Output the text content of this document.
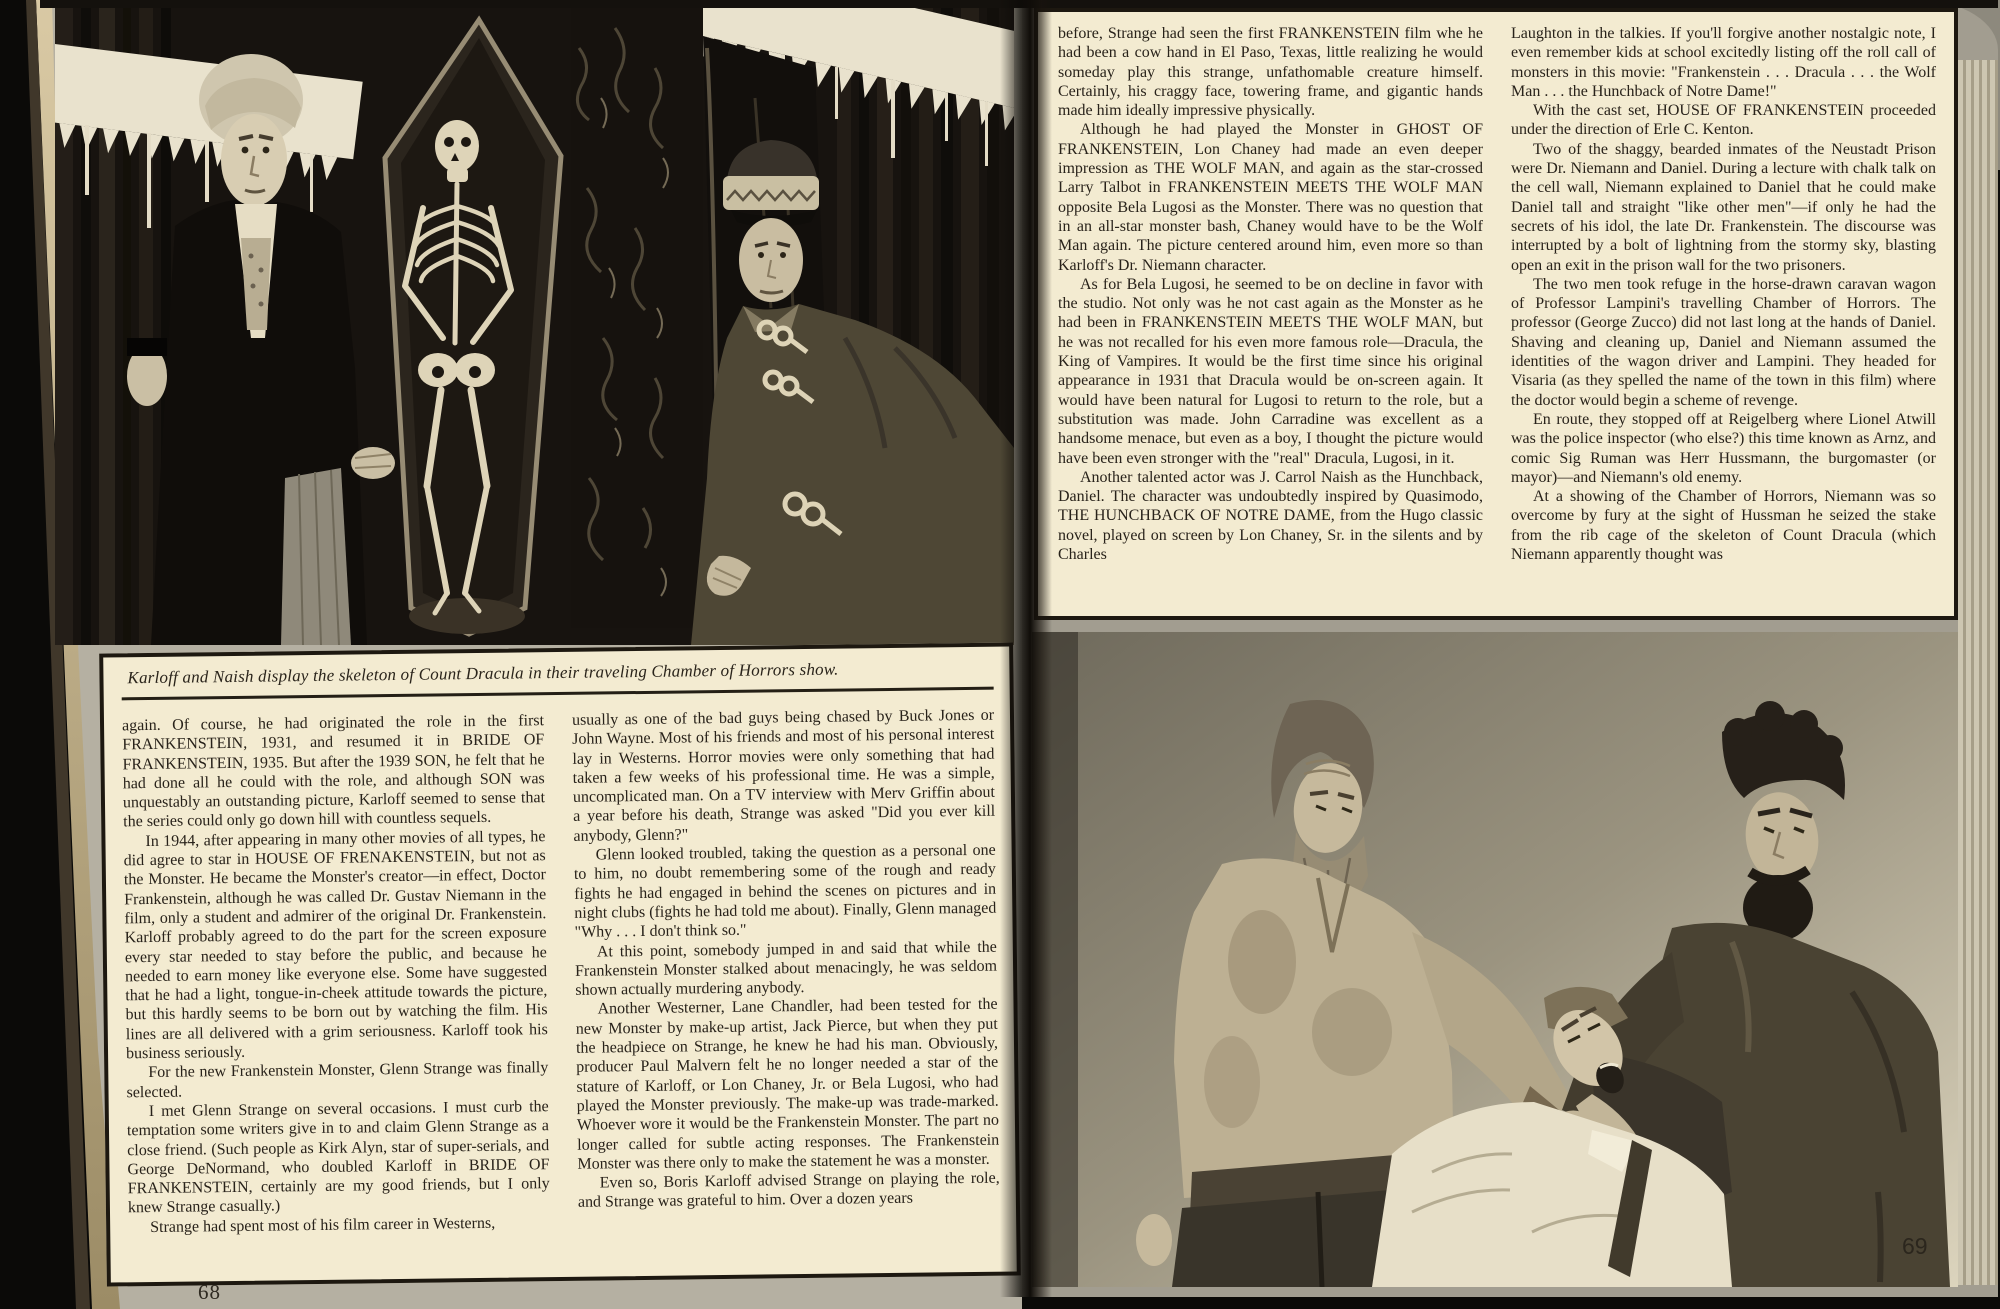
Karloff and Naish display the skeleton of Count Dracula in their traveling Chamber of Horrors show.

again. Of course, he had originated the role in the first FRANKENSTEIN, 1931, and resumed it in BRIDE OF FRANKENSTEIN, 1935. But after the 1939 SON, he felt that he had done all he could with the role, and although SON was unquestably an outstanding picture, Karloff seemed to sense that the series could only go down hill with countless sequels.

In 1944, after appearing in many other movies of all types, he did agree to star in HOUSE OF FRENAKENSTEIN, but not as the Monster. He became the Monster's creator—in effect, Doctor Frankenstein, although he was called Dr. Gustav Niemann in the film, only a student and admirer of the original Dr. Frankenstein. Karloff probably agreed to do the part for the screen exposure every star needed to stay before the public, and because he needed to earn money like everyone else. Some have suggested that he had a light, tongue-in-cheek attitude towards the picture, but this hardly seems to be born out by watching the film. His lines are all delivered with a grim seriousness. Karloff took his business seriously.

For the new Frankenstein Monster, Glenn Strange was finally selected.

I met Glenn Strange on several occasions. I must curb the temptation some writers give in to and claim Glenn Strange as a close friend. (Such people as Kirk Alyn, star of super-serials, and George DeNormand, who doubled Karloff in BRIDE OF FRANKENSTEIN, certainly are my good friends, but I only knew Strange casually.)

Strange had spent most of his film career in Westerns,

usually as one of the bad guys being chased by Buck Jones or John Wayne. Most of his friends and most of his personal interest lay in Westerns. Horror movies were only something that had taken a few weeks of his professional time. He was a simple, uncomplicated man. On a TV interview with Merv Griffin about a year before his death, Strange was asked "Did you ever kill anybody, Glenn?"

Glenn looked troubled, taking the question as a personal one to him, no doubt remembering some of the rough and ready fights he had engaged in behind the scenes on pictures and in night clubs (fights he had told me about). Finally, Glenn managed "Why . . . I don't think so."

At this point, somebody jumped in and said that while the Frankenstein Monster stalked about menacingly, he was seldom shown actually murdering anybody.

Another Westerner, Lane Chandler, had been tested for the new Monster by make-up artist, Jack Pierce, but when they put the headpiece on Strange, he knew he had his man. Obviously, producer Paul Malvern felt he no longer needed a star of the stature of Karloff, or Lon Chaney, Jr. or Bela Lugosi, who had played the Monster previously. The make-up was trade-marked. Whoever wore it would be the Frankenstein Monster. The part no longer called for subtle acting responses. The Frankenstein Monster was there only to make the statement he was a monster.

Even so, Boris Karloff advised Strange on playing the role, and Strange was grateful to him. Over a dozen years

68

before, Strange had seen the first FRANKENSTEIN film whe he had been a cow hand in El Paso, Texas, little realizing he would someday play this strange, unfathomable creature himself. Certainly, his craggy face, towering frame, and gigantic hands made him ideally impressive physically.

Although he had played the Monster in GHOST OF FRANKENSTEIN, Lon Chaney had made an even deeper impression as THE WOLF MAN, and again as the star-crossed Larry Talbot in FRANKENSTEIN MEETS THE WOLF MAN opposite Bela Lugosi as the Monster. There was no question that in an all-star monster bash, Chaney would have to be the Wolf Man again. The picture centered around him, even more so than Karloff's Dr. Niemann character.

As for Bela Lugosi, he seemed to be on decline in favor with the studio. Not only was he not cast again as the Monster as he had been in FRANKENSTEIN MEETS THE WOLF MAN, but he was not recalled for his even more famous role—Dracula, the King of Vampires. It would be the first time since his original appearance in 1931 that Dracula would be on-screen again. It would have been natural for Lugosi to return to the role, but a substitution was made. John Carradine was excellent as a handsome menace, but even as a boy, I thought the picture would have been even stronger with the "real" Dracula, Lugosi, in it.

Another talented actor was J. Carrol Naish as the Hunchback, Daniel. The character was undoubtedly inspired by Quasimodo, THE HUNCHBACK OF NOTRE DAME, from the Hugo classic novel, played on screen by Lon Chaney, Sr. in the silents and by Charles

Laughton in the talkies. If you'll forgive another nostalgic note, I even remember kids at school excitedly listing off the roll call of monsters in this movie: "Frankenstein . . . Dracula . . . the Wolf Man . . . the Hunchback of Notre Dame!"

With the cast set, HOUSE OF FRANKENSTEIN proceeded under the direction of Erle C. Kenton.

Two of the shaggy, bearded inmates of the Neustadt Prison were Dr. Niemann and Daniel. During a lecture with chalk talk on the cell wall, Niemann explained to Daniel that he could make Daniel tall and straight "like other men"—if only he had the secrets of his idol, the late Dr. Frankenstein. The discourse was interrupted by a bolt of lightning from the stormy sky, blasting open an exit in the prison wall for the two prisoners.

The two men took refuge in the horse-drawn caravan wagon of Professor Lampini's travelling Chamber of Horrors. The professor (George Zucco) did not last long at the hands of Daniel. Shaving and cleaning up, Daniel and Niemann assumed the identities of the wagon driver and Lampini. They headed for Visaria (as they spelled the name of the town in this film) where the doctor would begin a scheme of revenge.

En route, they stopped off at Reigelberg where Lionel Atwill was the police inspector (who else?) this time known as Arnz, and comic Sig Ruman was Herr Hussmann, the burgomaster (or mayor)—and Niemann's old enemy.

At a showing of the Chamber of Horrors, Niemann was so overcome by fury at the sight of Hussman he seized the stake from the rib cage of the skeleton of Count Dracula (which Niemann apparently thought was

69
